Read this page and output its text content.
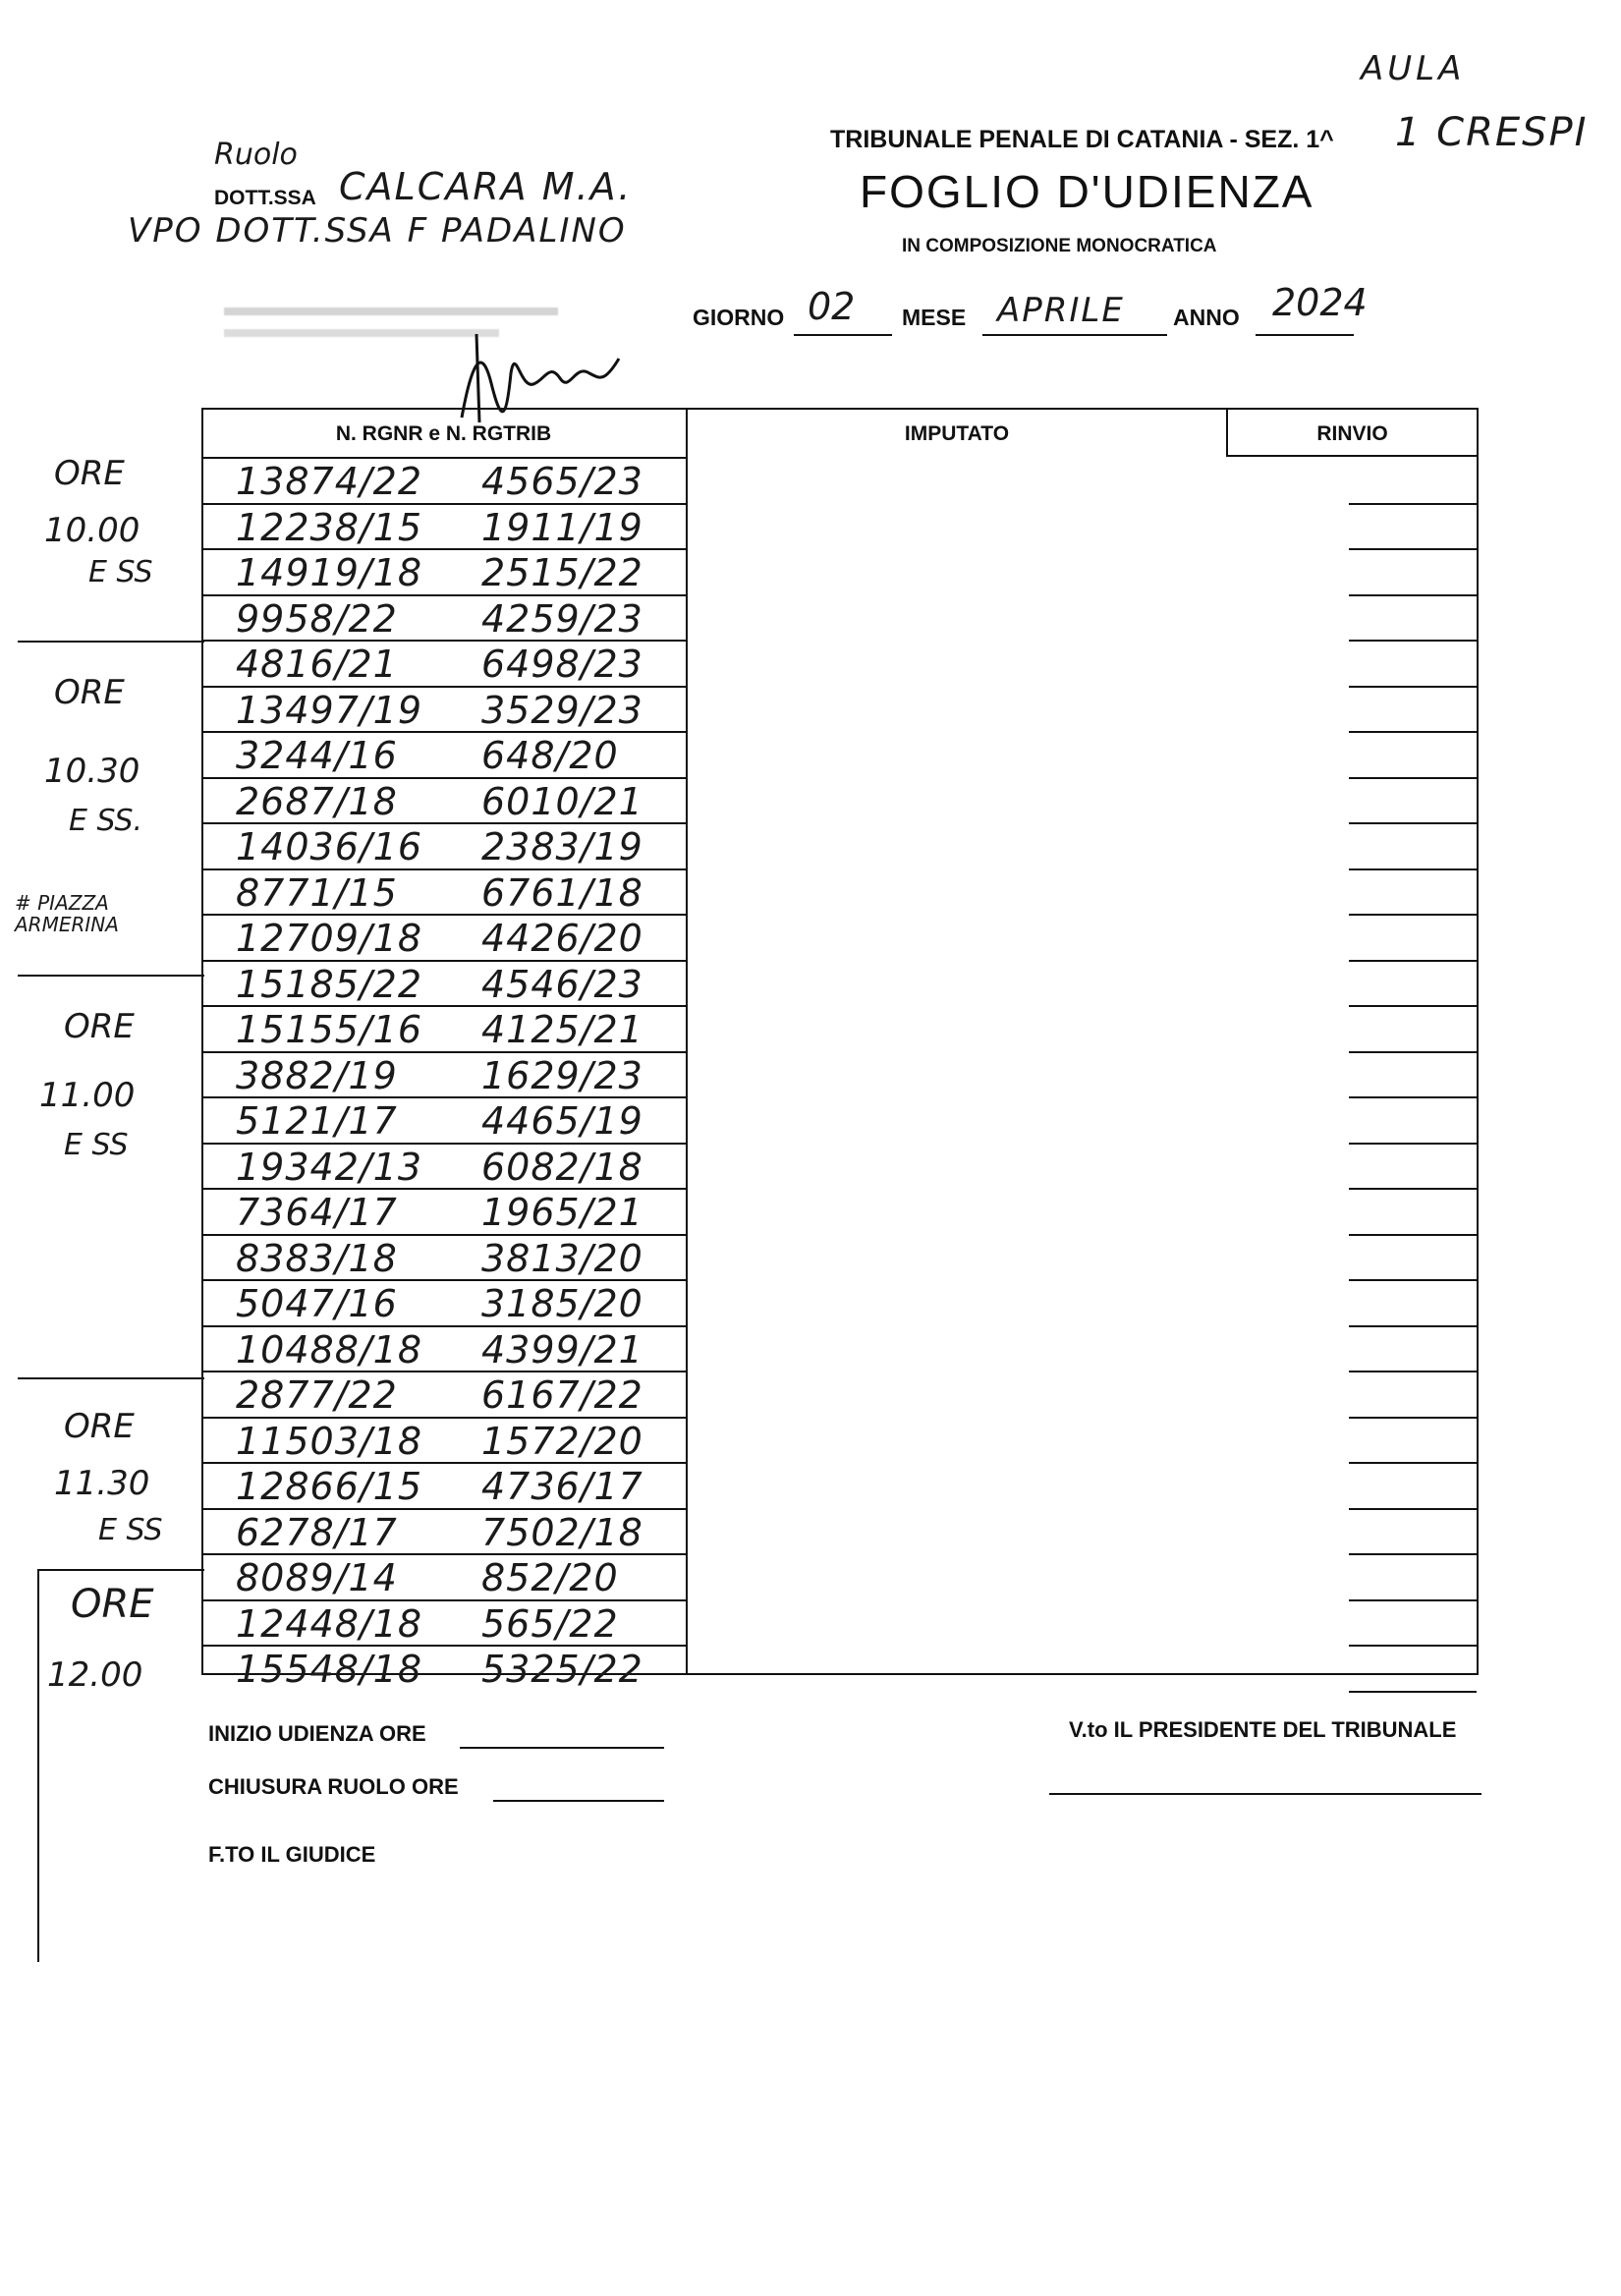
AULA
1 CRESPI
TRIBUNALE PENALE DI CATANIA - SEZ. 1^
FOGLIO D'UDIENZA
IN COMPOSIZIONE MONOCRATICA
Ruolo
DOTT.SSA CALCARA M.A.
VPO DOTT.SSA F PADALINO
GIORNO 02 MESE APRILE ANNO 2024
N. RGNR e N. RGTRIB	IMPUTATO	RINVIO
13874/22 4565/23
12238/15 1911/19
14919/18 2515/22
9958/22 4259/23
4816/21 6498/23
13497/19 3529/23
3244/16 648/20
2687/18 6010/21
14036/16 2383/19
8771/15 6761/18
12709/18 4426/20
15185/22 4546/23
15155/16 4125/21
3882/19 1629/23
5121/17 4465/19
19342/13 6082/18
7364/17 1965/21
8383/18 3813/20
5047/16 3185/20
10488/18 4399/21
2877/22 6167/22
11503/18 1572/20
12866/15 4736/17
6278/17 7502/18
8089/14 852/20
12448/18 565/22
15548/18 5325/22
ORE
10.00
E SS
ORE
10.30
E SS.
# PIAZZA ARMERINA
ORE
11.00
E SS
ORE
11.30
E SS
ORE
12.00
INIZIO UDIENZA ORE
CHIUSURA RUOLO ORE
F.TO IL GIUDICE
V.to IL PRESIDENTE DEL TRIBUNALE
